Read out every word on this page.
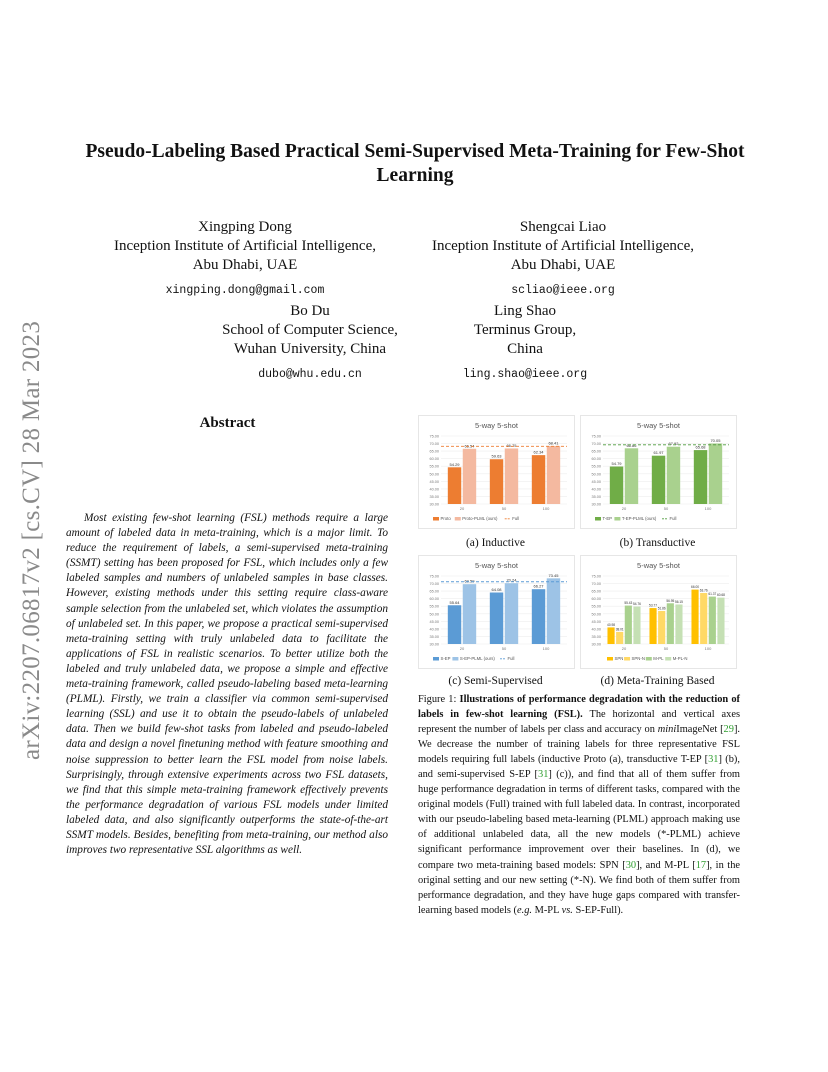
arXiv:2207.06817v2 [cs.CV] 28 Mar 2023
Pseudo-Labeling Based Practical Semi-Supervised Meta-Training for Few-Shot Learning
Xingping Dong
Inception Institute of Artificial Intelligence,
Abu Dhabi, UAE
xingping.dong@gmail.com
Shengcai Liao
Inception Institute of Artificial Intelligence,
Abu Dhabi, UAE
scliao@ieee.org
Bo Du
School of Computer Science,
Wuhan University, China
dubo@whu.edu.cn
Ling Shao
Terminus Group,
China
ling.shao@ieee.org
Abstract
Most existing few-shot learning (FSL) methods require a large amount of labeled data in meta-training, which is a major limit. To reduce the requirement of labels, a semi-supervised meta-training (SSMT) setting has been proposed for FSL, which includes only a few labeled samples and numbers of unlabeled samples in base classes. However, existing methods under this setting require class-aware sample selection from the unlabeled set, which violates the assumption of unlabeled set. In this paper, we propose a practical semi-supervised meta-training setting with truly unlabeled data to facilitate the applications of FSL in realistic scenarios. To better utilize both the labeled and truly unlabeled data, we propose a simple and effective meta-training framework, called pseudo-labeling based meta-learning (PLML). Firstly, we train a classifier via common semi-supervised learning (SSL) and use it to obtain the pseudo-labels of unlabeled data. Then we build few-shot tasks from labeled and pseudo-labeled data and design a novel finetuning method with feature smoothing and noise suppression to better learn the FSL model from noise labels. Surprisingly, through extensive experiments across two FSL datasets, we find that this simple meta-training framework effectively prevents the performance degradation of various FSL models under limited labeled data, and also significantly outperforms the state-of-the-art SSMT models. Besides, benefiting from meta-training, our method also improves two representative SSL algorithms as well.
5-way 5-shot
30.00
35.00
40.00
45.00
50.00
55.00
60.00
65.00
70.00
75.00
54.29
66.54
20
59.63
66.75
50
62.34
68.41
100
Proto	Proto-PLML (ours)	Full
(a) Inductive
5-way 5-shot
30.00
35.00
40.00
45.00
50.00
55.00
60.00
65.00
70.00
75.00
54.79
66.86
20
61.97
67.92
50
65.68
70.05
100
T-EP T-EP-PLML (ours)	Full
(b) Transductive
5-way 5-shot
30.00
35.00
40.00
45.00
50.00
55.00
60.00
65.00
70.00
75.00
55.64
69.59
20
64.08
70.24
50
66.27
73.45
100
S-EP S-EP-PLML (ours)	Full
(c) Semi-Supervised
5-way 5-shot
30.00
35.00
40.00
45.00
50.00
55.00
60.00
65.00
70.00
75.00
40.98
38.01
55.43 54.76
20
53.77
51.86
56.95 56.15
50
66.00
63.76
61.37 60.68
100
SPN SPN-N M-PL M-PL-N
(d) Meta-Training Based
Figure 1: Illustrations of performance degradation with the reduction of labels in few-shot learning (FSL). The horizontal and vertical axes represent the number of labels per class and accuracy on miniImageNet [29]. We decrease the number of training labels for three representative FSL models requiring full labels (inductive Proto (a), transductive T-EP [31] (b), and semi-supervised S-EP [31] (c)), and find that all of them suffer from huge performance degradation in terms of different tasks, compared with the original models (Full) trained with full labeled data. In contrast, incorporated with our pseudo-labeling based meta-learning (PLML) approach making use of additional unlabeled data, all the new models (*-PLML) achieve significant performance improvement over their baselines. In (d), we compare two meta-training based models: SPN [30], and M-PL [17], in the original setting and our new setting (*-N). We find both of them suffer from performance degradation, and they have huge gaps compared with transfer-learning based models (e.g. M-PL vs. S-EP-Full).
